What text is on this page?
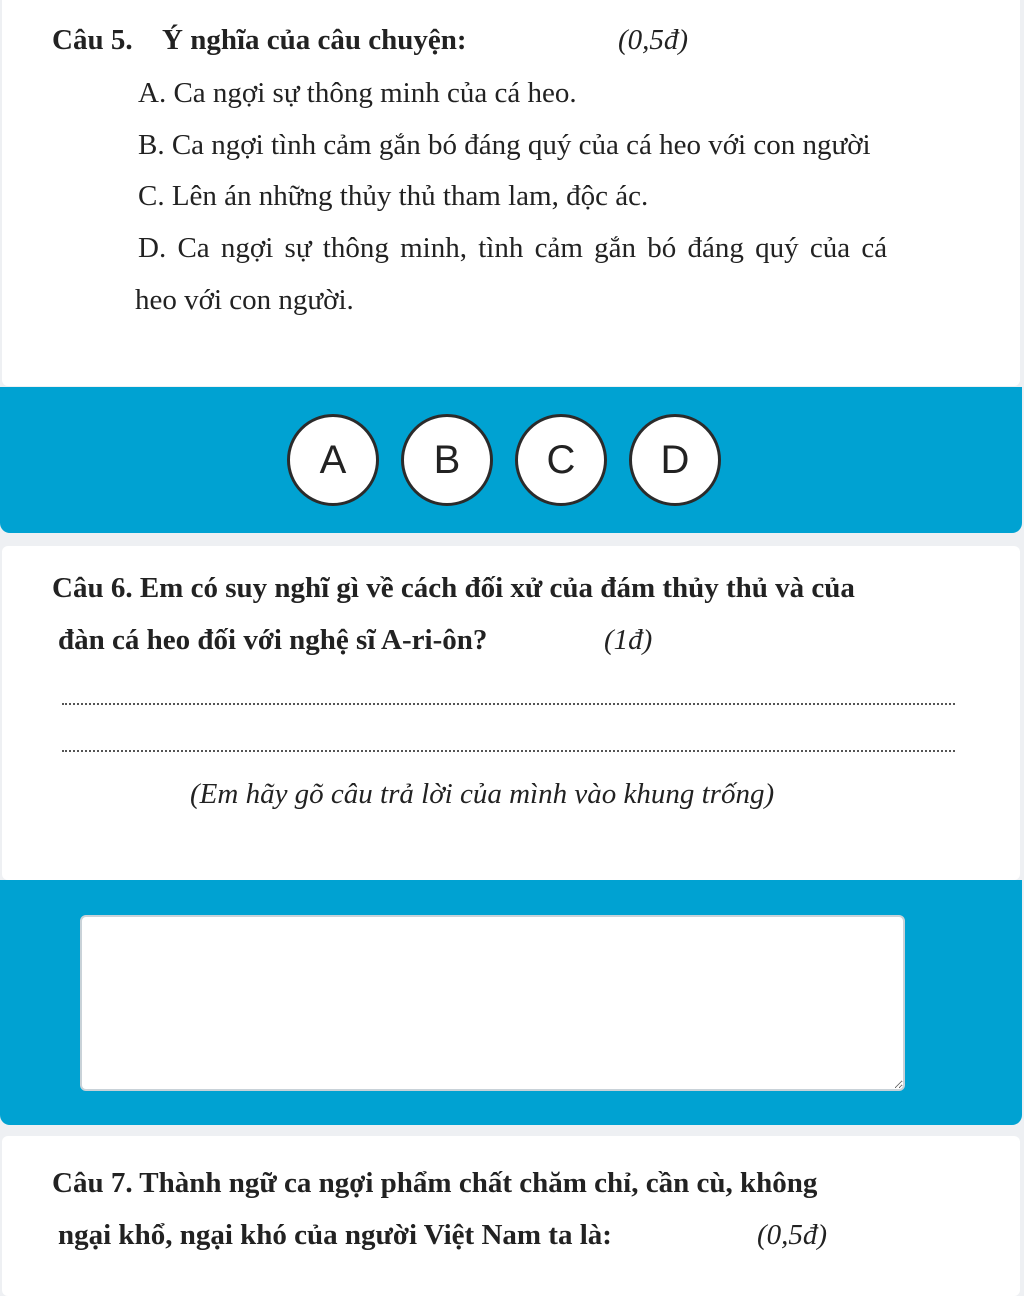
Câu 5. Ý nghĩa của câu chuyện:	(0,5đ)
A. Ca ngợi sự thông minh của cá heo.
B. Ca ngợi tình cảm gắn bó đáng quý của cá heo với con người
C. Lên án những thủy thủ tham lam, độc ác.
D. Ca ngợi sự thông minh, tình cảm gắn bó đáng quý của cá
heo với con người.
A	B	C	D
Câu 6. Em có suy nghĩ gì về cách đối xử của đám thủy thủ và của
đàn cá heo đối với nghệ sĩ A-ri-ôn?	(1đ)
(Em hãy gõ câu trả lời của mình vào khung trống)
Câu 7. Thành ngữ ca ngợi phẩm chất chăm chỉ, cần cù, không
ngại khổ, ngại khó của người Việt Nam ta là:	(0,5đ)
